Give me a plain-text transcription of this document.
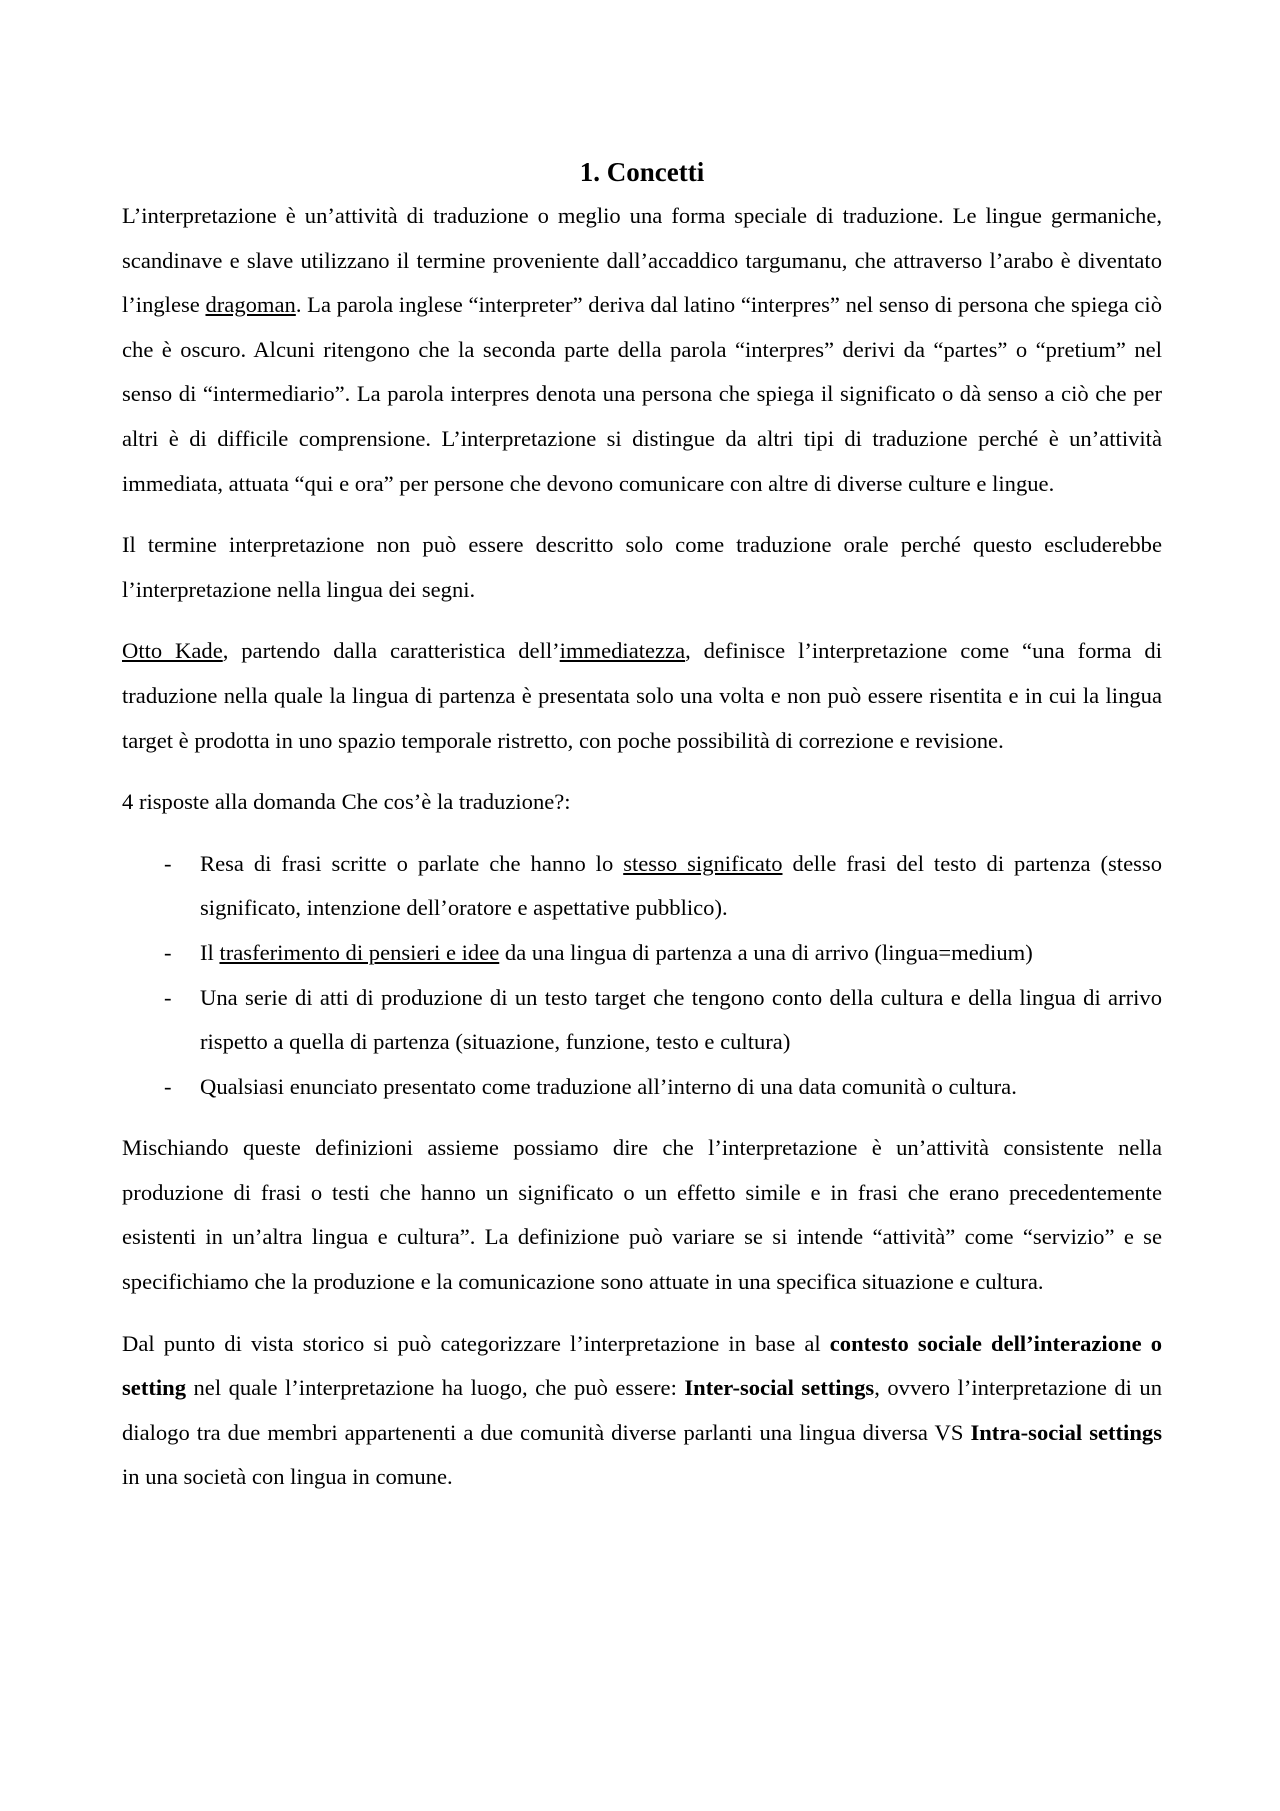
1. Concetti

L’interpretazione è un’attività di traduzione o meglio una forma speciale di traduzione. Le lingue germaniche, scandinave e slave utilizzano il termine proveniente dall’accaddico targumanu, che attraverso l’arabo è diventato l’inglese dragoman. La parola inglese “interpreter” deriva dal latino “interpres” nel senso di persona che spiega ciò che è oscuro. Alcuni ritengono che la seconda parte della parola “interpres” derivi da “partes” o “pretium” nel senso di “intermediario”. La parola interpres denota una persona che spiega il significato o dà senso a ciò che per altri è di difficile comprensione. L’interpretazione si distingue da altri tipi di traduzione perché è un’attività immediata, attuata “qui e ora” per persone che devono comunicare con altre di diverse culture e lingue.

Il termine interpretazione non può essere descritto solo come traduzione orale perché questo escluderebbe l’interpretazione nella lingua dei segni.

Otto Kade, partendo dalla caratteristica dell’immediatezza, definisce l’interpretazione come “una forma di traduzione nella quale la lingua di partenza è presentata solo una volta e non può essere risentita e in cui la lingua target è prodotta in uno spazio temporale ristretto, con poche possibilità di correzione e revisione.

4 risposte alla domanda Che cos’è la traduzione?:

- Resa di frasi scritte o parlate che hanno lo stesso significato delle frasi del testo di partenza (stesso significato, intenzione dell’oratore e aspettative pubblico).
- Il trasferimento di pensieri e idee da una lingua di partenza a una di arrivo (lingua=medium)
- Una serie di atti di produzione di un testo target che tengono conto della cultura e della lingua di arrivo rispetto a quella di partenza (situazione, funzione, testo e cultura)
- Qualsiasi enunciato presentato come traduzione all’interno di una data comunità o cultura.

Mischiando queste definizioni assieme possiamo dire che l’interpretazione è un’attività consistente nella produzione di frasi o testi che hanno un significato o un effetto simile e in frasi che erano precedentemente esistenti in un’altra lingua e cultura”. La definizione può variare se si intende “attività” come “servizio” e se specifichiamo che la produzione e la comunicazione sono attuate in una specifica situazione e cultura.

Dal punto di vista storico si può categorizzare l’interpretazione in base al contesto sociale dell’interazione o setting nel quale l’interpretazione ha luogo, che può essere: Inter-social settings, ovvero l’interpretazione di un dialogo tra due membri appartenenti a due comunità diverse parlanti una lingua diversa VS Intra-social settings in una società con lingua in comune.
